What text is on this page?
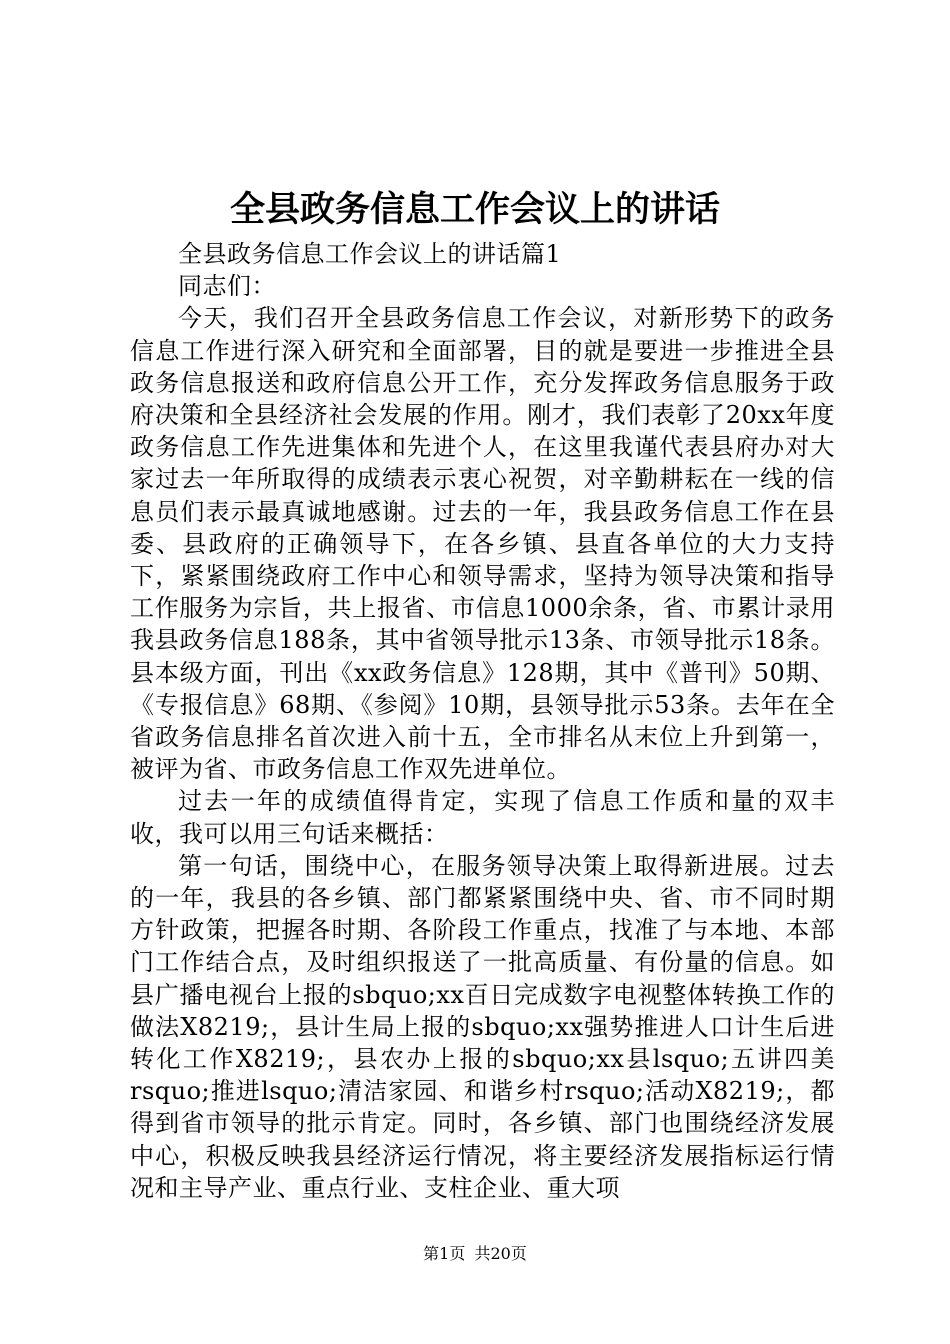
全县政务信息工作会议上的讲话

全县政务信息工作会议上的讲话篇1

同志们：

今天，我们召开全县政务信息工作会议，对新形势下的政务信息工作进行深入研究和全面部署，目的就是要进一步推进全县政务信息报送和政府信息公开工作，充分发挥政务信息服务于政府决策和全县经济社会发展的作用。刚才，我们表彰了20xx年度政务信息工作先进集体和先进个人，在这里我谨代表县府办对大家过去一年所取得的成绩表示衷心祝贺，对辛勤耕耘在一线的信息员们表示最真诚地感谢。过去的一年，我县政务信息工作在县委、县政府的正确领导下，在各乡镇、县直各单位的大力支持下，紧紧围绕政府工作中心和领导需求，坚持为领导决策和指导工作服务为宗旨，共上报省、市信息1000余条，省、市累计录用我县政务信息188条，其中省领导批示13条、市领导批示18条。县本级方面，刊出《xx政务信息》128期，其中《普刊》50期、《专报信息》68期、《参阅》10期，县领导批示53条。去年在全省政务信息排名首次进入前十五，全市排名从末位上升到第一，被评为省、市政务信息工作双先进单位。

过去一年的成绩值得肯定，实现了信息工作质和量的双丰收，我可以用三句话来概括：

第一句话，围绕中心，在服务领导决策上取得新进展。过去的一年，我县的各乡镇、部门都紧紧围绕中央、省、市不同时期方针政策，把握各时期、各阶段工作重点，找准了与本地、本部门工作结合点，及时组织报送了一批高质量、有份量的信息。如县广播电视台上报的sbquo;xx百日完成数字电视整体转换工作的做法X8219;，县计生局上报的sbquo;xx强势推进人口计生后进转化工作X8219;，县农办上报的sbquo;xx县lsquo;五讲四美rsquo;推进lsquo;清洁家园、和谐乡村rsquo;活动X8219;，都得到省市领导的批示肯定。同时，各乡镇、部门也围绕经济发展中心，积极反映我县经济运行情况，将主要经济发展指标运行情况和主导产业、重点行业、支柱企业、重大项

第1页 共20页
